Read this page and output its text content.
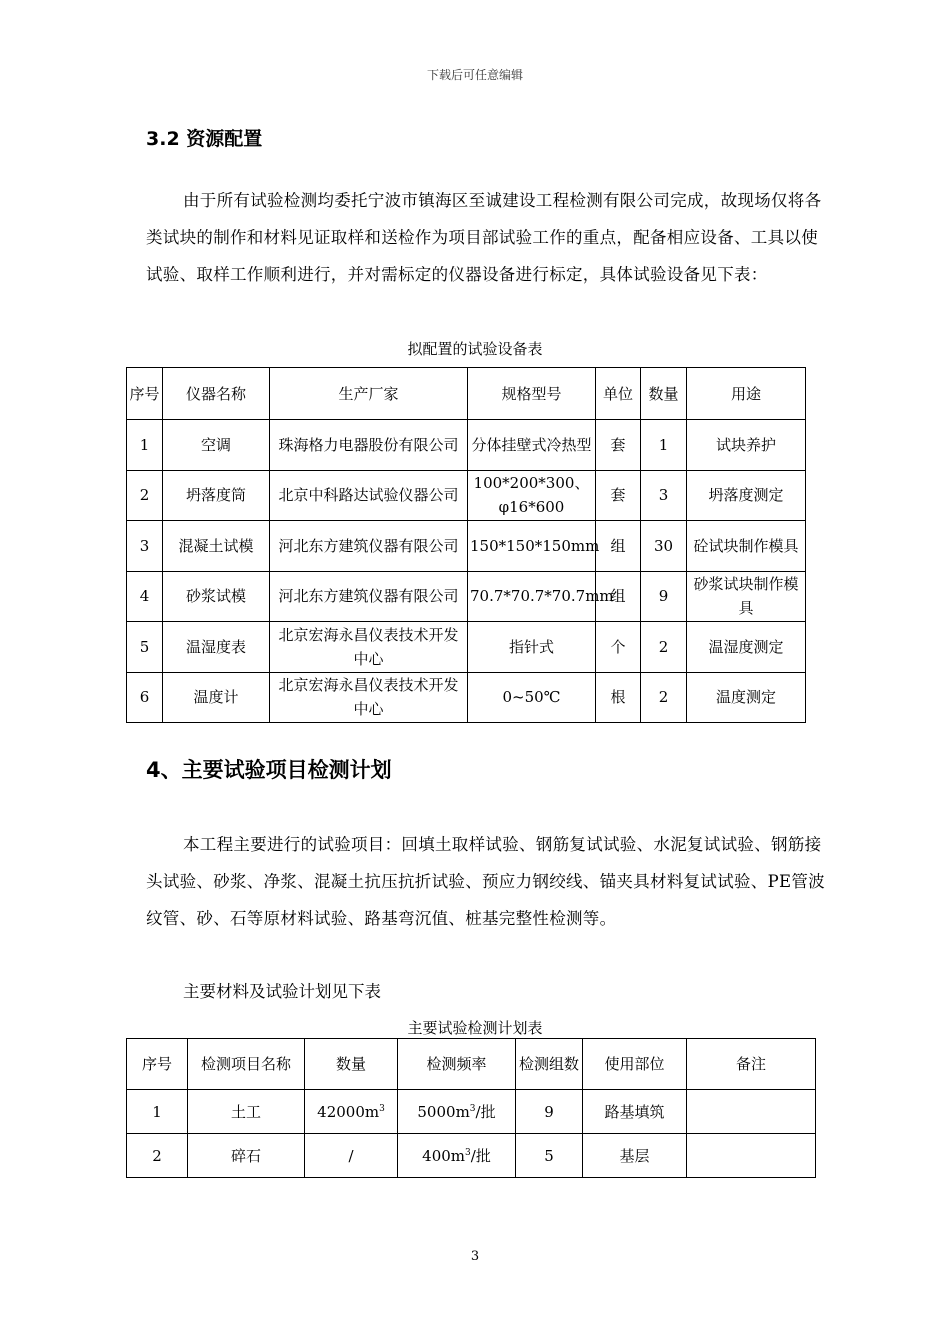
下载后可任意编辑
3.2 资源配置

由于所有试验检测均委托宁波市镇海区至诚建设工程检测有限公司完成，故现场仅将各类试块的制作和材料见证取样和送检作为项目部试验工作的重点，配备相应设备、工具以使试验、取样工作顺利进行，并对需标定的仪器设备进行标定，具体试验设备见下表：

拟配置的试验设备表
序号	仪器名称	生产厂家	规格型号	单位	数量	用途
1	空调	珠海格力电器股份有限公司	分体挂壁式冷热型	套	1	试块养护
2	坍落度筒	北京中科路达试验仪器公司	100*200*300、φ16*600	套	3	坍落度测定
3	混凝土试模	河北东方建筑仪器有限公司	150*150*150mm	组	30	砼试块制作模具
4	砂浆试模	河北东方建筑仪器有限公司	70.7*70.7*70.7mm	组	9	砂浆试块制作模具
5	温湿度表	北京宏海永昌仪表技术开发中心	指针式	个	2	温湿度测定
6	温度计	北京宏海永昌仪表技术开发中心	0~50℃	根	2	温度测定
4、主要试验项目检测计划

本工程主要进行的试验项目：回填土取样试验、钢筋复试试验、水泥复试试验、钢筋接头试验、砂浆、净浆、混凝土抗压抗折试验、预应力钢绞线、锚夹具材料复试试验、PE管波纹管、砂、石等原材料试验、路基弯沉值、桩基完整性检测等。

主要材料及试验计划见下表
主要试验检测计划表
序号	检测项目名称	数量	检测频率	检测组数	使用部位	备注
1	土工	$42000m^3$	$5000m^3/$批	9	路基填筑	
2	碎石	/	$400m^3/$批	5	基层	
3
